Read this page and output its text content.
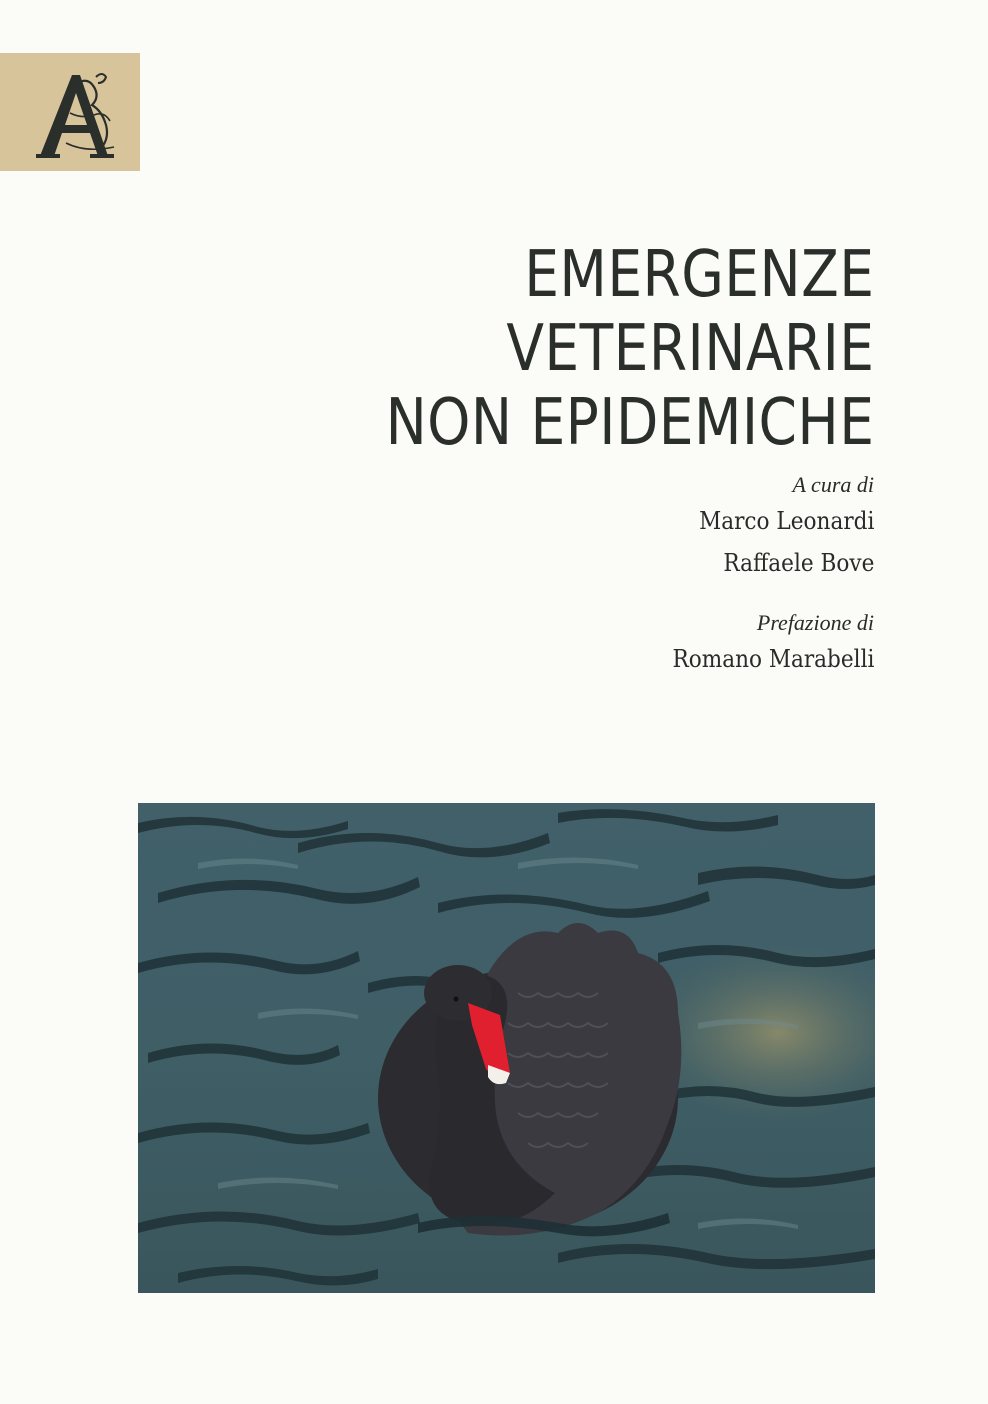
EMERGENZE
VETERINARIE
NON EPIDEMICHE
A cura di
Marco Leonardi
Raffaele Bove
Prefazione di
Romano Marabelli
